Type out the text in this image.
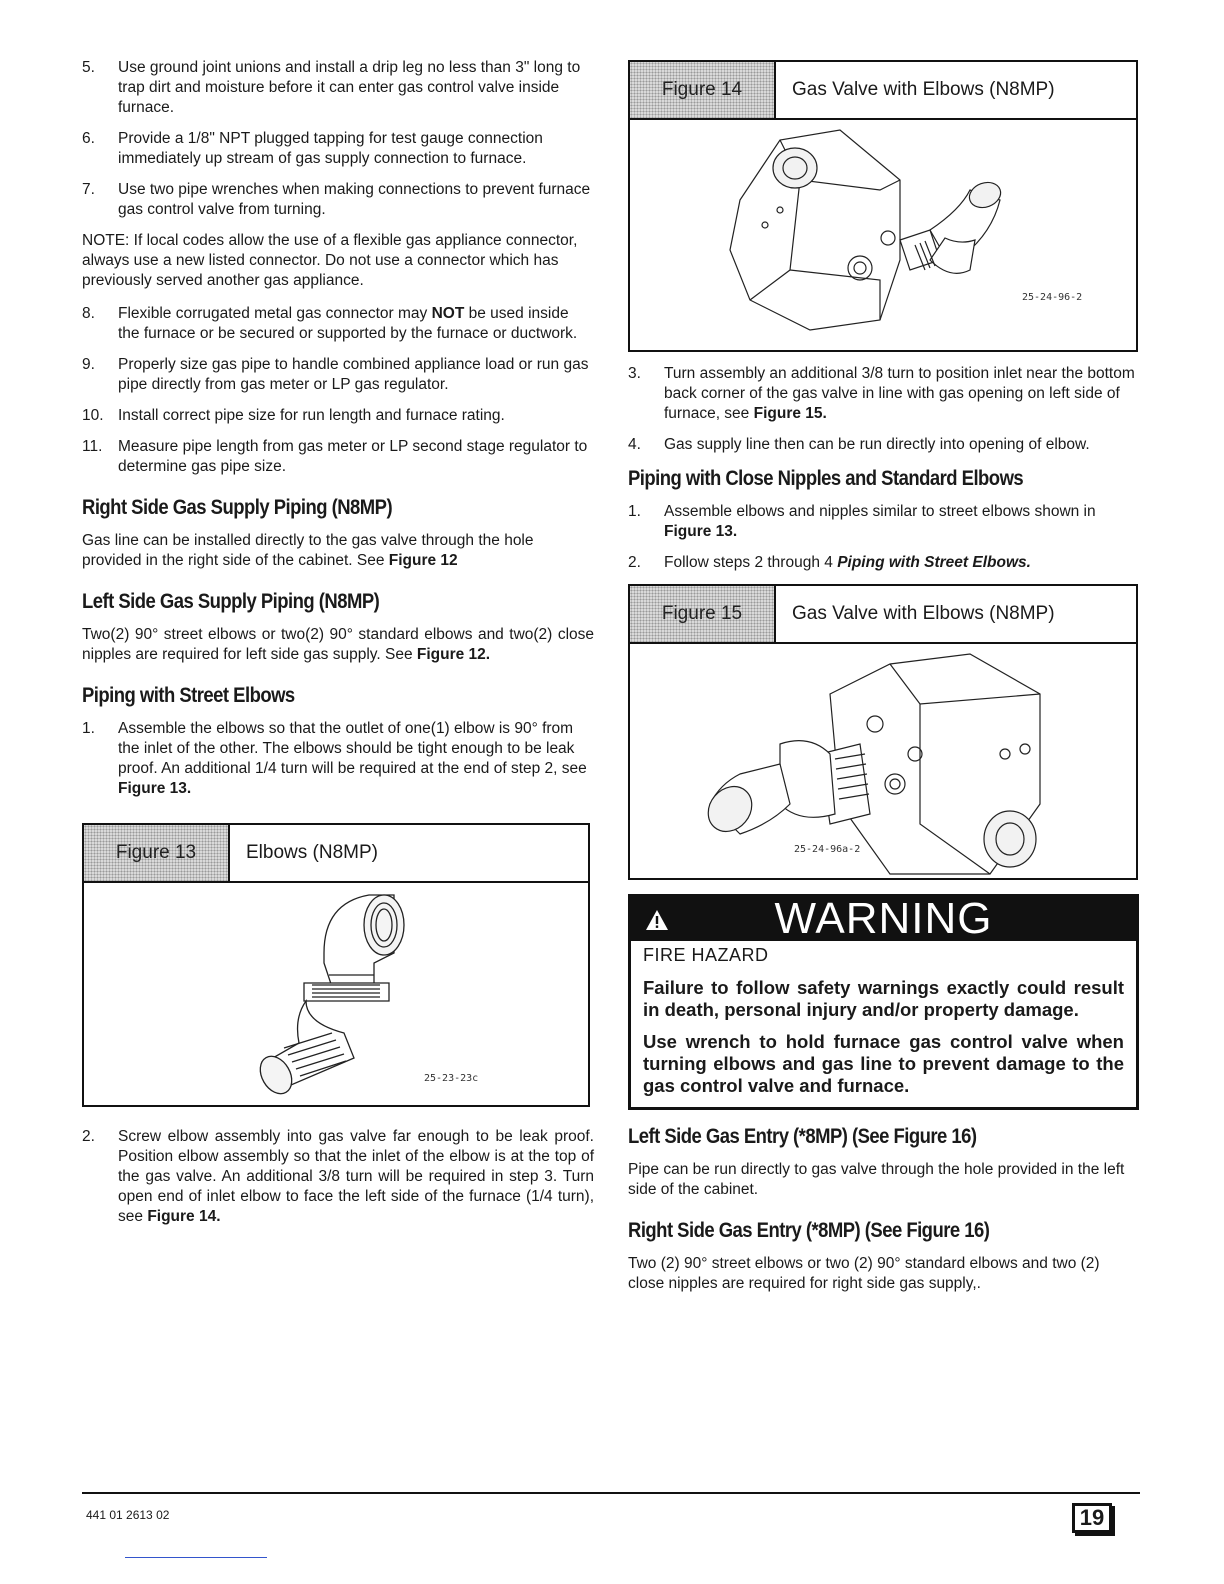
5. Use ground joint unions and install a drip leg no less than 3" long to trap dirt and moisture before it can enter gas control valve inside furnace.
6. Provide a 1/8" NPT plugged tapping for test gauge connection immediately up stream of gas supply connection to furnace.
7. Use two pipe wrenches when making connections to prevent furnace gas control valve from turning.

NOTE: If local codes allow the use of a flexible gas appliance connector, always use a new listed connector. Do not use a connector which has previously served another gas appliance.

8. Flexible corrugated metal gas connector may NOT be used inside the furnace or be secured or supported by the furnace or ductwork.
9. Properly size gas pipe to handle combined appliance load or run gas pipe directly from gas meter or LP gas regulator.
10. Install correct pipe size for run length and furnace rating.
11. Measure pipe length from gas meter or LP second stage regulator to determine gas pipe size.
Right Side Gas Supply Piping (N8MP)

Gas line can be installed directly to the gas valve through the hole provided in the right side of the cabinet. See Figure 12

Left Side Gas Supply Piping (N8MP)

Two(2) 90° street elbows or two(2) 90° standard elbows and two(2) close nipples are required for left side gas supply. See Figure 12.

Piping with Street Elbows
1. Assemble the elbows so that the outlet of one(1) elbow is 90° from the inlet of the other. The elbows should be tight enough to be leak proof. An additional 1/4 turn will be required at the end of step 2, see Figure 13.
Figure 13	Elbows (N8MP)
25-23-23c
2. Screw elbow assembly into gas valve far enough to be leak proof. Position elbow assembly so that the inlet of the elbow is at the top of the gas valve. An additional 3/8 turn will be required in step 3. Turn open end of inlet elbow to face the left side of the furnace (1/4 turn), see Figure 14.
Figure 14	Gas Valve with Elbows (N8MP)
25-24-96-2
3. Turn assembly an additional 3/8 turn to position inlet near the bottom back corner of the gas valve in line with gas opening on left side of furnace, see Figure 15.
4. Gas supply line then can be run directly into opening of elbow.
Piping with Close Nipples and Standard Elbows
1. Assemble elbows and nipples similar to street elbows shown in Figure 13.
2. Follow steps 2 through 4 Piping with Street Elbows.
Figure 15	Gas Valve with Elbows (N8MP)
25-24-96a-2
WARNING

FIRE HAZARD

Failure to follow safety warnings exactly could result in death, personal injury and/or property damage.

Use wrench to hold furnace gas control valve when turning elbows and gas line to prevent damage to the gas control valve and furnace.

Left Side Gas Entry (*8MP) (See Figure 16)

Pipe can be run directly to gas valve through the hole provided in the left side of the cabinet.

Right Side Gas Entry (*8MP) (See Figure 16)

Two (2) 90° street elbows or two (2) 90° standard elbows and two (2) close nipples are required for right side gas supply,.

441 01 2613 02	19
